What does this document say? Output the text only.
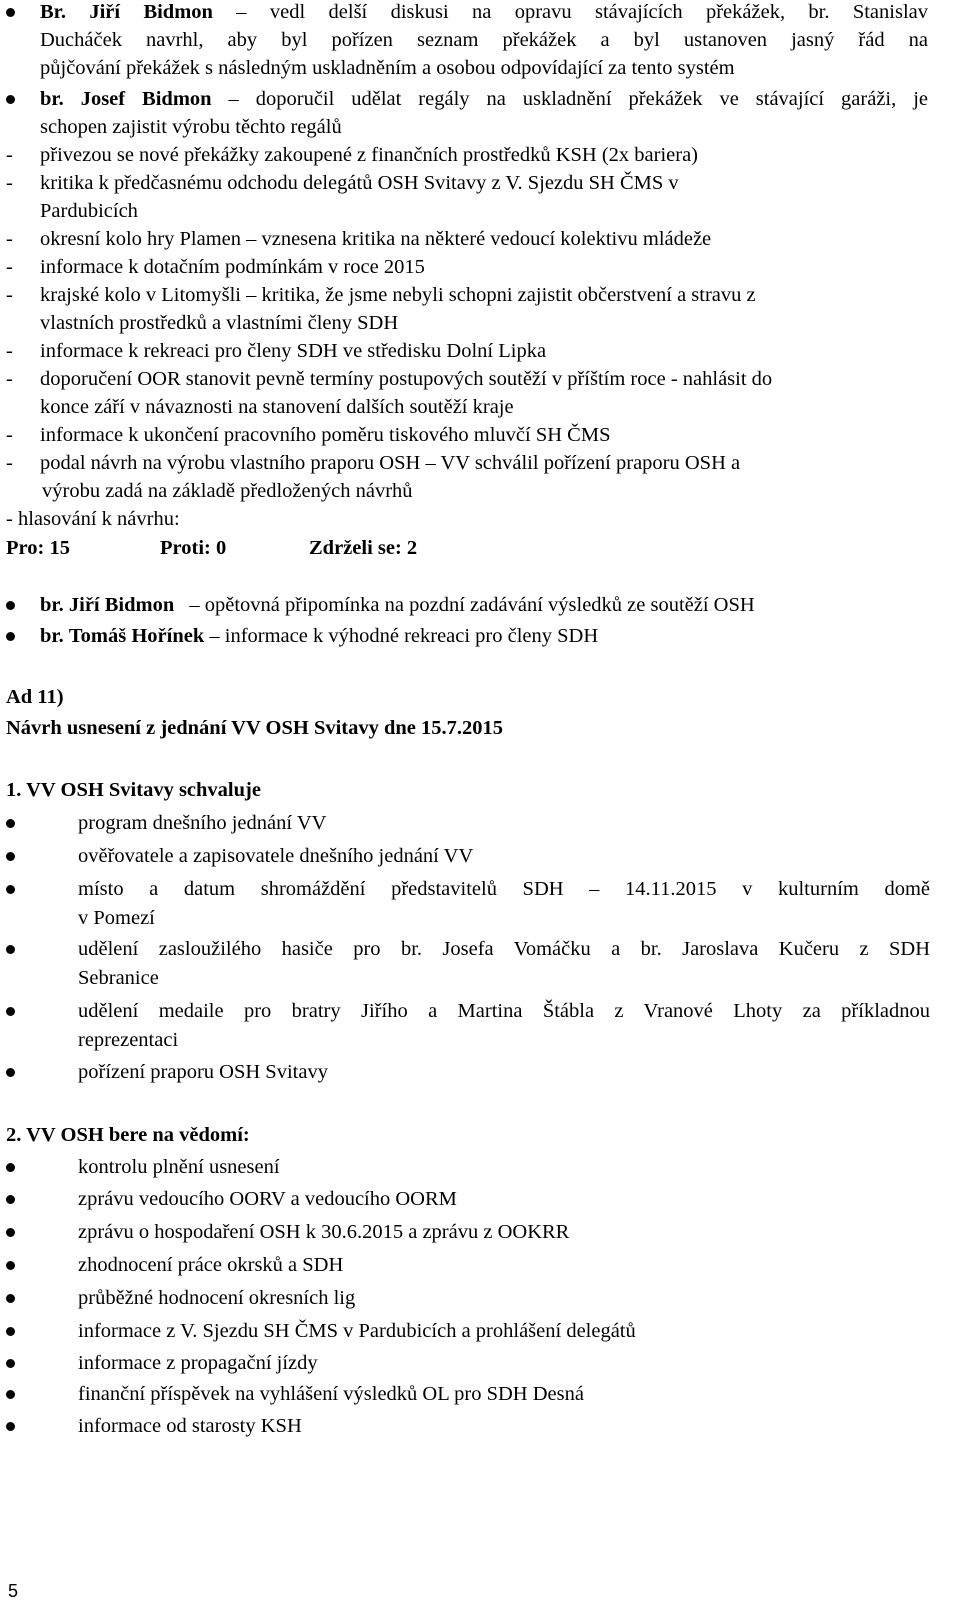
Br. Jiří Bidmon – vedl delší diskusi na opravu stávajících překážek, br. Stanislav
Ducháček navrhl, aby byl pořízen seznam překážek a byl ustanoven jasný řád na
půjčování překážek s následným uskladněním a osobou odpovídající za tento systém
br. Josef Bidmon – doporučil udělat regály na uskladnění překážek ve stávající garáži, je
schopen zajistit výrobu těchto regálů
- přivezou se nové překážky zakoupené z finančních prostředků KSH (2x bariera)
- kritika k předčasnému odchodu delegátů OSH Svitavy z V. Sjezdu SH ČMS v
Pardubicích
- okresní kolo hry Plamen – vznesena kritika na některé vedoucí kolektivu mládeže
- informace k dotačním podmínkám v roce 2015
- krajské kolo v Litomyšli – kritika, že jsme nebyli schopni zajistit občerstvení a stravu z
vlastních prostředků a vlastními členy SDH
- informace k rekreaci pro členy SDH ve středisku Dolní Lipka
- doporučení OOR stanovit pevně termíny postupových soutěží v příštím roce - nahlásit do
konce září v návaznosti na stanovení dalších soutěží kraje
- informace k ukončení pracovního poměru tiskového mluvčí SH ČMS
- podal návrh na výrobu vlastního praporu OSH – VV schválil pořízení praporu OSH a
výrobu zadá na základě předložených návrhů
- hlasování k návrhu:
Pro: 15	Proti: 0	Zdrželi se: 2
br. Jiří Bidmon – opětovná připomínka na pozdní zadávání výsledků ze soutěží OSH
br. Tomáš Hořínek – informace k výhodné rekreaci pro členy SDH
Ad 11)
Návrh usnesení z jednání VV OSH Svitavy dne 15.7.2015
1. VV OSH Svitavy schvaluje
program dnešního jednání VV
ověřovatele a zapisovatele dnešního jednání VV
místo a datum shromáždění představitelů SDH – 14.11.2015 v kulturním domě
v Pomezí
udělení zasloužilého hasiče pro br. Josefa Vomáčku a br. Jaroslava Kučeru z SDH
Sebranice
udělení medaile pro bratry Jiřího a Martina Štábla z Vranové Lhoty za příkladnou
reprezentaci
pořízení praporu OSH Svitavy
2. VV OSH bere na vědomí:
kontrolu plnění usnesení
zprávu vedoucího OORV a vedoucího OORM
zprávu o hospodaření OSH k 30.6.2015 a zprávu z OOKRR
zhodnocení práce okrsků a SDH
průběžné hodnocení okresních lig
informace z V. Sjezdu SH ČMS v Pardubicích a prohlášení delegátů
informace z propagační jízdy
finanční příspěvek na vyhlášení výsledků OL pro SDH Desná
informace od starosty KSH
5
